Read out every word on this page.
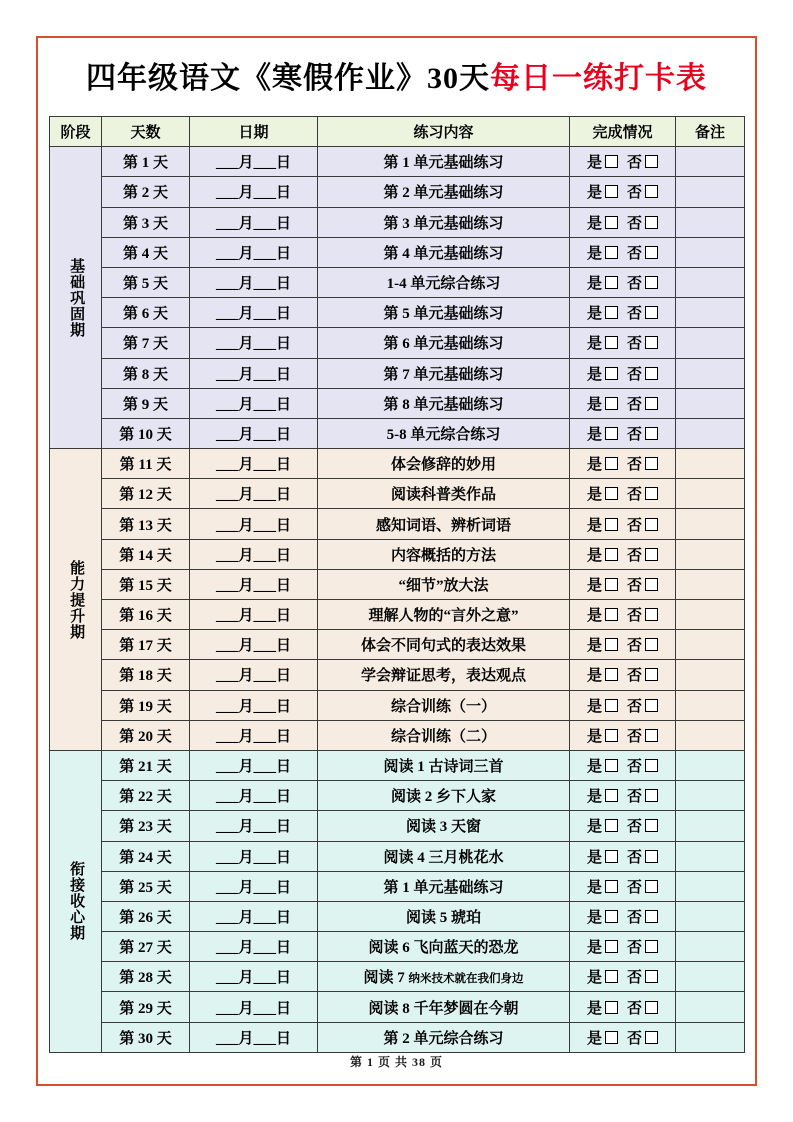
四年级语文《寒假作业》30天每日一练打卡表
阶段	天数	日期	练习内容	完成情况	备注
基础巩固期	第 1 天	___月___日	第 1 单元基础练习	是 否	
	第 2 天	___月___日	第 2 单元基础练习	是 否	
	第 3 天	___月___日	第 3 单元基础练习	是 否	
	第 4 天	___月___日	第 4 单元基础练习	是 否	
	第 5 天	___月___日	1-4 单元综合练习	是 否	
	第 6 天	___月___日	第 5 单元基础练习	是 否	
	第 7 天	___月___日	第 6 单元基础练习	是 否	
	第 8 天	___月___日	第 7 单元基础练习	是 否	
	第 9 天	___月___日	第 8 单元基础练习	是 否	
	第 10 天	___月___日	5-8 单元综合练习	是 否	
能力提升期	第 11 天	___月___日	体会修辞的妙用	是 否	
	第 12 天	___月___日	阅读科普类作品	是 否	
	第 13 天	___月___日	感知词语、辨析词语	是 否	
	第 14 天	___月___日	内容概括的方法	是 否	
	第 15 天	___月___日	“细节”放大法	是 否	
	第 16 天	___月___日	理解人物的“言外之意”	是 否	
	第 17 天	___月___日	体会不同句式的表达效果	是 否	
	第 18 天	___月___日	学会辩证思考，表达观点	是 否	
	第 19 天	___月___日	综合训练（一）	是 否	
	第 20 天	___月___日	综合训练（二）	是 否	
衔接收心期	第 21 天	___月___日	阅读 1 古诗词三首	是 否	
	第 22 天	___月___日	阅读 2 乡下人家	是 否	
	第 23 天	___月___日	阅读 3 天窗	是 否	
	第 24 天	___月___日	阅读 4 三月桃花水	是 否	
	第 25 天	___月___日	第 1 单元基础练习	是 否	
	第 26 天	___月___日	阅读 5 琥珀	是 否	
	第 27 天	___月___日	阅读 6 飞向蓝天的恐龙	是 否	
	第 28 天	___月___日	阅读 7 纳米技术就在我们身边	是 否	
	第 29 天	___月___日	阅读 8 千年梦圆在今朝	是 否	
	第 30 天	___月___日	第 2 单元综合练习	是 否	
第 1 页 共 38 页
